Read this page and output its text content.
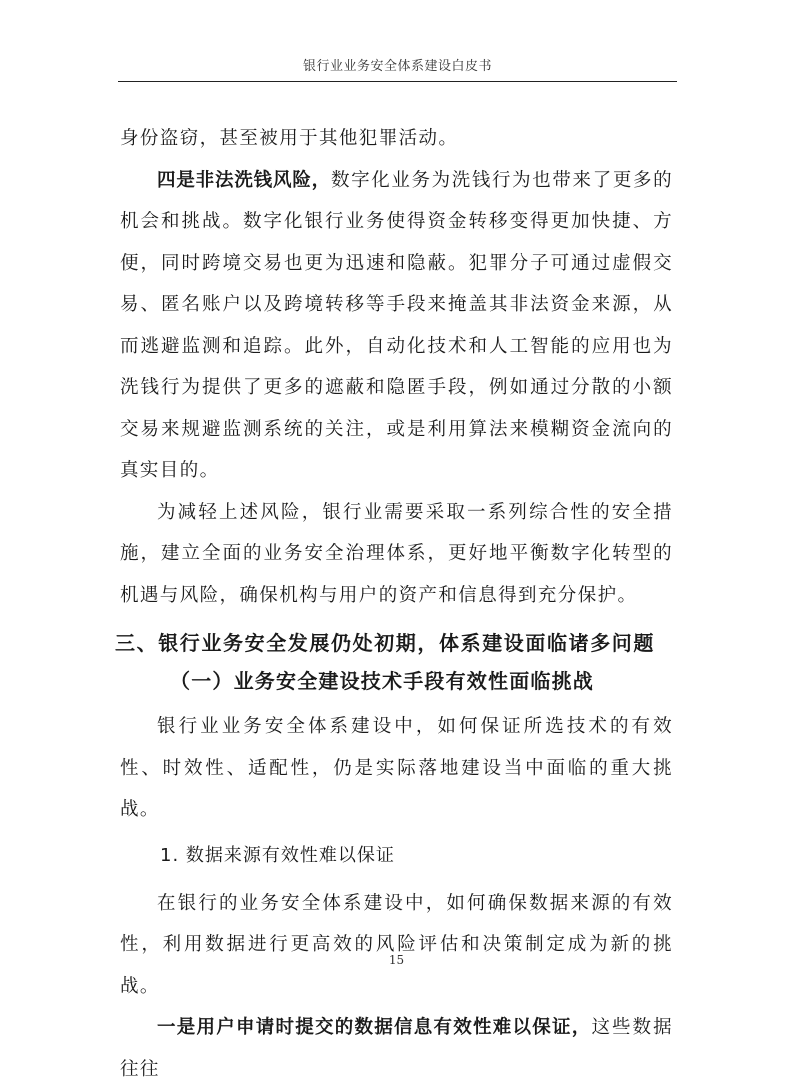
银行业业务安全体系建设白皮书

身份盗窃，甚至被用于其他犯罪活动。

四是非法洗钱风险，数字化业务为洗钱行为也带来了更多的机会和挑战。数字化银行业务使得资金转移变得更加快捷、方便，同时跨境交易也更为迅速和隐蔽。犯罪分子可通过虚假交易、匿名账户以及跨境转移等手段来掩盖其非法资金来源，从而逃避监测和追踪。此外，自动化技术和人工智能的应用也为洗钱行为提供了更多的遮蔽和隐匿手段，例如通过分散的小额交易来规避监测系统的关注，或是利用算法来模糊资金流向的真实目的。

为减轻上述风险，银行业需要采取一系列综合性的安全措施，建立全面的业务安全治理体系，更好地平衡数字化转型的机遇与风险，确保机构与用户的资产和信息得到充分保护。

三、银行业务安全发展仍处初期，体系建设面临诸多问题
（一）业务安全建设技术手段有效性面临挑战

银行业业务安全体系建设中，如何保证所选技术的有效性、时效性、适配性，仍是实际落地建设当中面临的重大挑战。

1. 数据来源有效性难以保证

在银行的业务安全体系建设中，如何确保数据来源的有效性，利用数据进行更高效的风险评估和决策制定成为新的挑战。

一是用户申请时提交的数据信息有效性难以保证，这些数据往往

15
